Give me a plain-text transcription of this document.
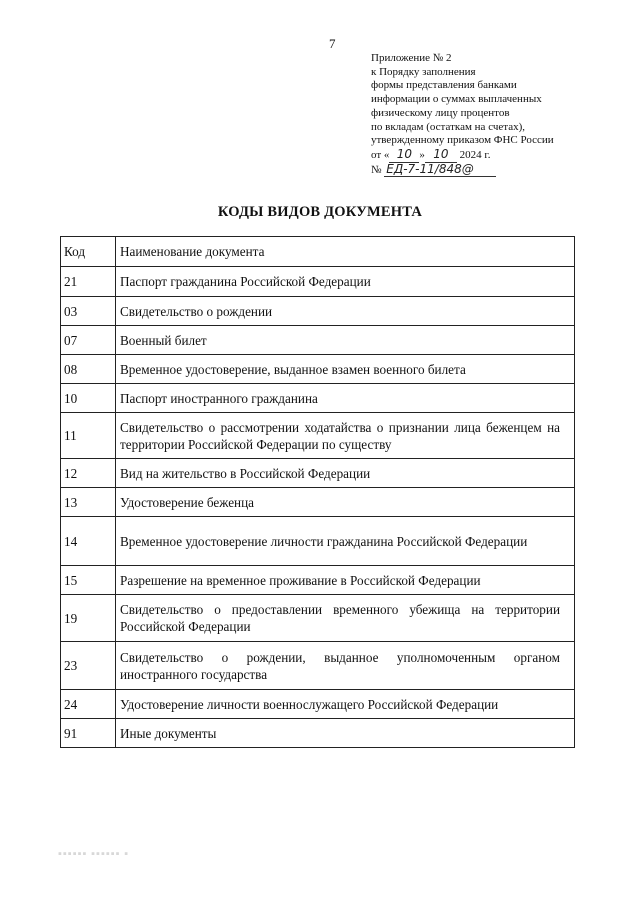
7
Приложение № 2
к Порядку заполнения
формы представления банками
информации о суммах выплаченных
физическому лицу процентов
по вкладам (остаткам на счетах),
утвержденному приказом ФНС России
от « 10 » 10 2024 г.
№ ЕД-7-11/848@
КОДЫ ВИДОВ ДОКУМЕНТА
Код	Наименование документа
21	Паспорт гражданина Российской Федерации
03	Свидетельство о рождении
07	Военный билет
08	Временное удостоверение, выданное взамен военного билета
10	Паспорт иностранного гражданина
11	Свидетельство о рассмотрении ходатайства о признании лица беженцем на территории Российской Федерации по существу
12	Вид на жительство в Российской Федерации
13	Удостоверение беженца
14	Временное удостоверение личности гражданина Российской Федерации
15	Разрешение на временное проживание в Российской Федерации
19	Свидетельство о предоставлении временного убежища на территории Российской Федерации
23	Свидетельство о рождении, выданное уполномоченным органом иностранного государства
24	Удостоверение личности военнослужащего Российской Федерации
91	Иные документы
▪▪▪▪▪▪ ▪▪▪▪▪▪ ▪
